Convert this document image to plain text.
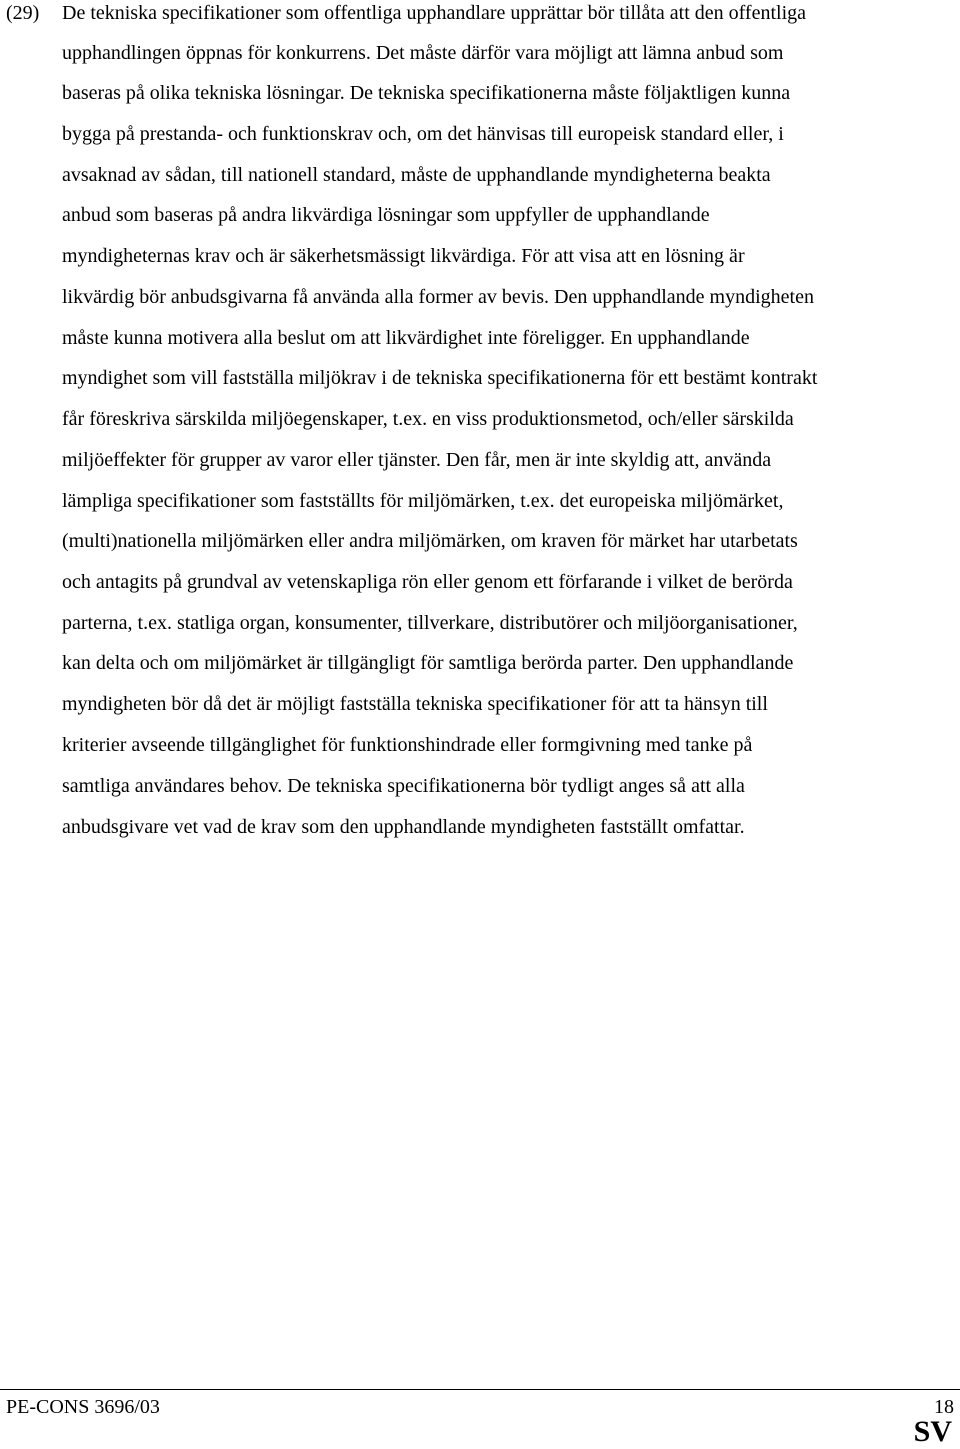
(29) De tekniska specifikationer som offentliga upphandlare upprättar bör tillåta att den offentliga
upphandlingen öppnas för konkurrens. Det måste därför vara möjligt att lämna anbud som
baseras på olika tekniska lösningar. De tekniska specifikationerna måste följaktligen kunna
bygga på prestanda- och funktionskrav och, om det hänvisas till europeisk standard eller, i
avsaknad av sådan, till nationell standard, måste de upphandlande myndigheterna beakta
anbud som baseras på andra likvärdiga lösningar som uppfyller de upphandlande
myndigheternas krav och är säkerhetsmässigt likvärdiga. För att visa att en lösning är
likvärdig bör anbudsgivarna få använda alla former av bevis. Den upphandlande myndigheten
måste kunna motivera alla beslut om att likvärdighet inte föreligger. En upphandlande
myndighet som vill fastställa miljökrav i de tekniska specifikationerna för ett bestämt kontrakt
får föreskriva särskilda miljöegenskaper, t.ex. en viss produktionsmetod, och/eller särskilda
miljöeffekter för grupper av varor eller tjänster. Den får, men är inte skyldig att, använda
lämpliga specifikationer som fastställts för miljömärken, t.ex. det europeiska miljömärket,
(multi)nationella miljömärken eller andra miljömärken, om kraven för märket har utarbetats
och antagits på grundval av vetenskapliga rön eller genom ett förfarande i vilket de berörda
parterna, t.ex. statliga organ, konsumenter, tillverkare, distributörer och miljöorganisationer,
kan delta och om miljömärket är tillgängligt för samtliga berörda parter. Den upphandlande
myndigheten bör då det är möjligt fastställa tekniska specifikationer för att ta hänsyn till
kriterier avseende tillgänglighet för funktionshindrade eller formgivning med tanke på
samtliga användares behov. De tekniska specifikationerna bör tydligt anges så att alla
anbudsgivare vet vad de krav som den upphandlande myndigheten fastställt omfattar.
PE-CONS 3696/03	18
SV
